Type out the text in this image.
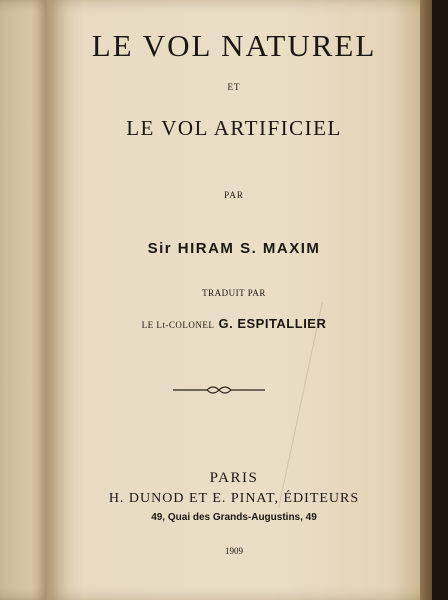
LE VOL NATUREL
ET
LE VOL ARTIFICIEL
PAR
Sir HIRAM S. MAXIM
TRADUIT PAR
LE Lt-COLONEL G. ESPITALLIER
PARIS
H. DUNOD ET E. PINAT, ÉDITEURS
49, Quai des Grands-Augustins, 49
1909
